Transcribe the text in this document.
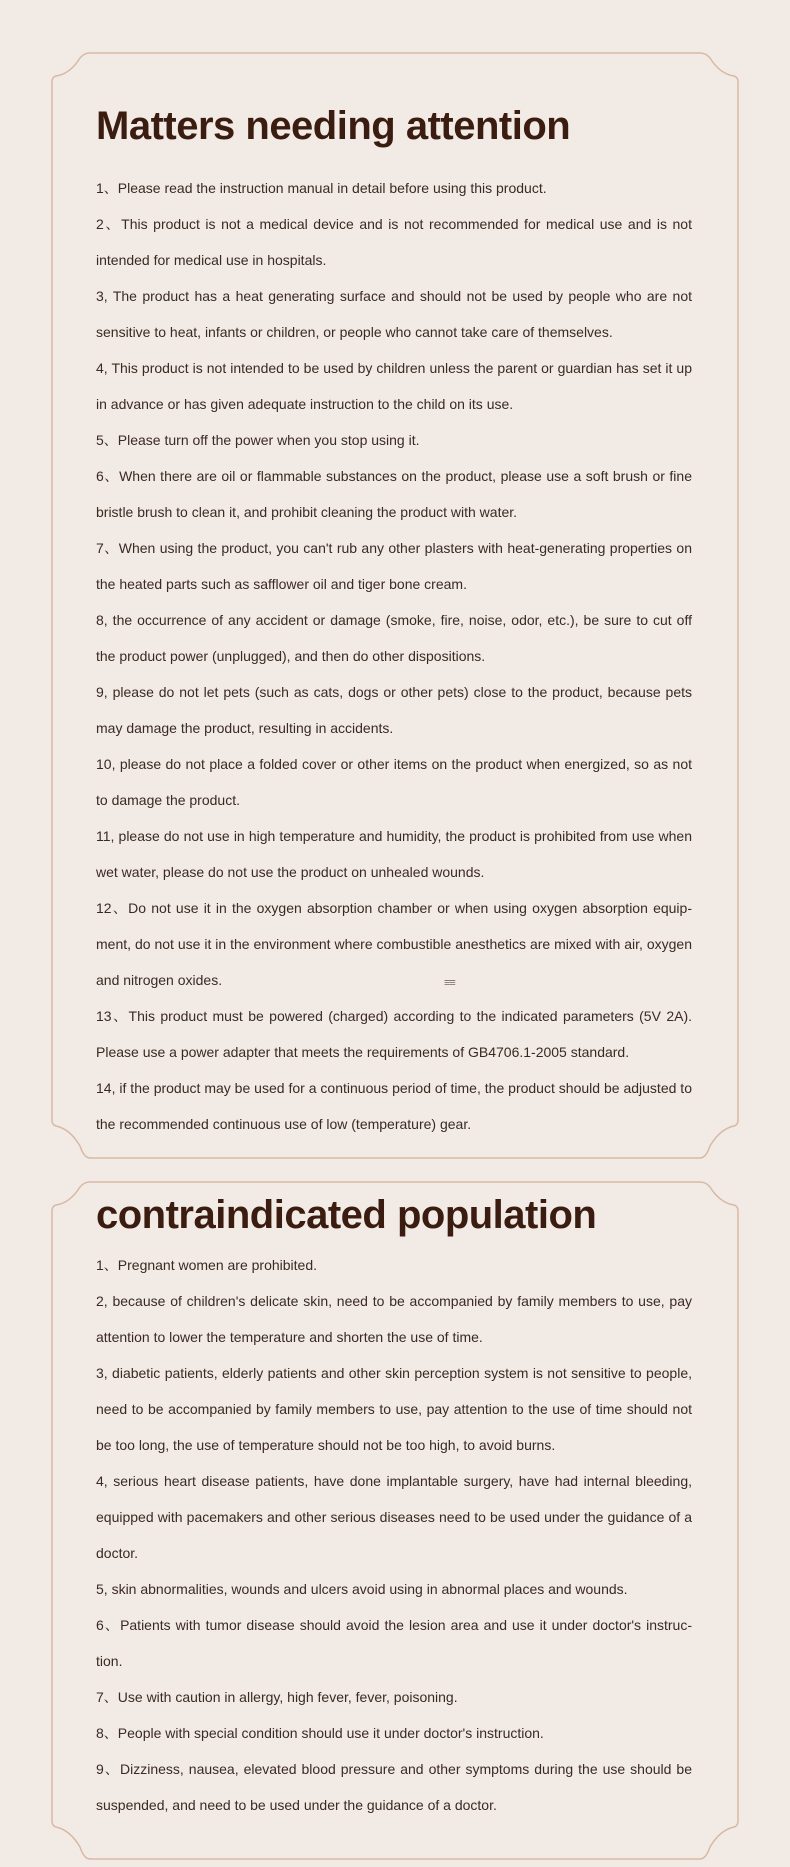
Matters needing attention

1、Please read the instruction manual in detail before using this product.

2、This product is not a medical device and is not recommended for medical use and is not intended for medical use in hospitals.

3, The product has a heat generating surface and should not be used by people who are not sensitive to heat, infants or children, or people who cannot take care of themselves.

4, This product is not intended to be used by children unless the parent or guardian has set it up in advance or has given adequate instruction to the child on its use.

5、Please turn off the power when you stop using it.

6、When there are oil or flammable substances on the product, please use a soft brush or fine bristle brush to clean it, and prohibit cleaning the product with water.

7、When using the product, you can't rub any other plasters with heat-generating properties on the heated parts such as safflower oil and tiger bone cream.

8, the occurrence of any accident or damage (smoke, fire, noise, odor, etc.), be sure to cut off the product power (unplugged), and then do other dispositions.

9, please do not let pets (such as cats, dogs or other pets) close to the product, because pets may damage the product, resulting in accidents.

10, please do not place a folded cover or other items on the product when energized, so as not to damage the product.

11, please do not use in high temperature and humidity, the product is prohibited from use when wet water, please do not use the product on unhealed wounds.

12、Do not use it in the oxygen absorption chamber or when using oxygen absorption equip-ment, do not use it in the environment where combustible anesthetics are mixed with air, oxygen and nitrogen oxides.

13、This product must be powered (charged) according to the indicated parameters (5V 2A). Please use a power adapter that meets the requirements of GB4706.1-2005 standard.

14, if the product may be used for a continuous period of time, the product should be adjusted to the recommended continuous use of low (temperature) gear.

≡≡
contraindicated population

1、Pregnant women are prohibited.

2, because of children's delicate skin, need to be accompanied by family members to use, pay attention to lower the temperature and shorten the use of time.

3, diabetic patients, elderly patients and other skin perception system is not sensitive to people, need to be accompanied by family members to use, pay attention to the use of time should not be too long, the use of temperature should not be too high, to avoid burns.

4, serious heart disease patients, have done implantable surgery, have had internal bleeding, equipped with pacemakers and other serious diseases need to be used under the guidance of a doctor.

5, skin abnormalities, wounds and ulcers avoid using in abnormal places and wounds.

6、Patients with tumor disease should avoid the lesion area and use it under doctor's instruc-tion.

7、Use with caution in allergy, high fever, fever, poisoning.

8、People with special condition should use it under doctor's instruction.

9、Dizziness, nausea, elevated blood pressure and other symptoms during the use should be suspended, and need to be used under the guidance of a doctor.
